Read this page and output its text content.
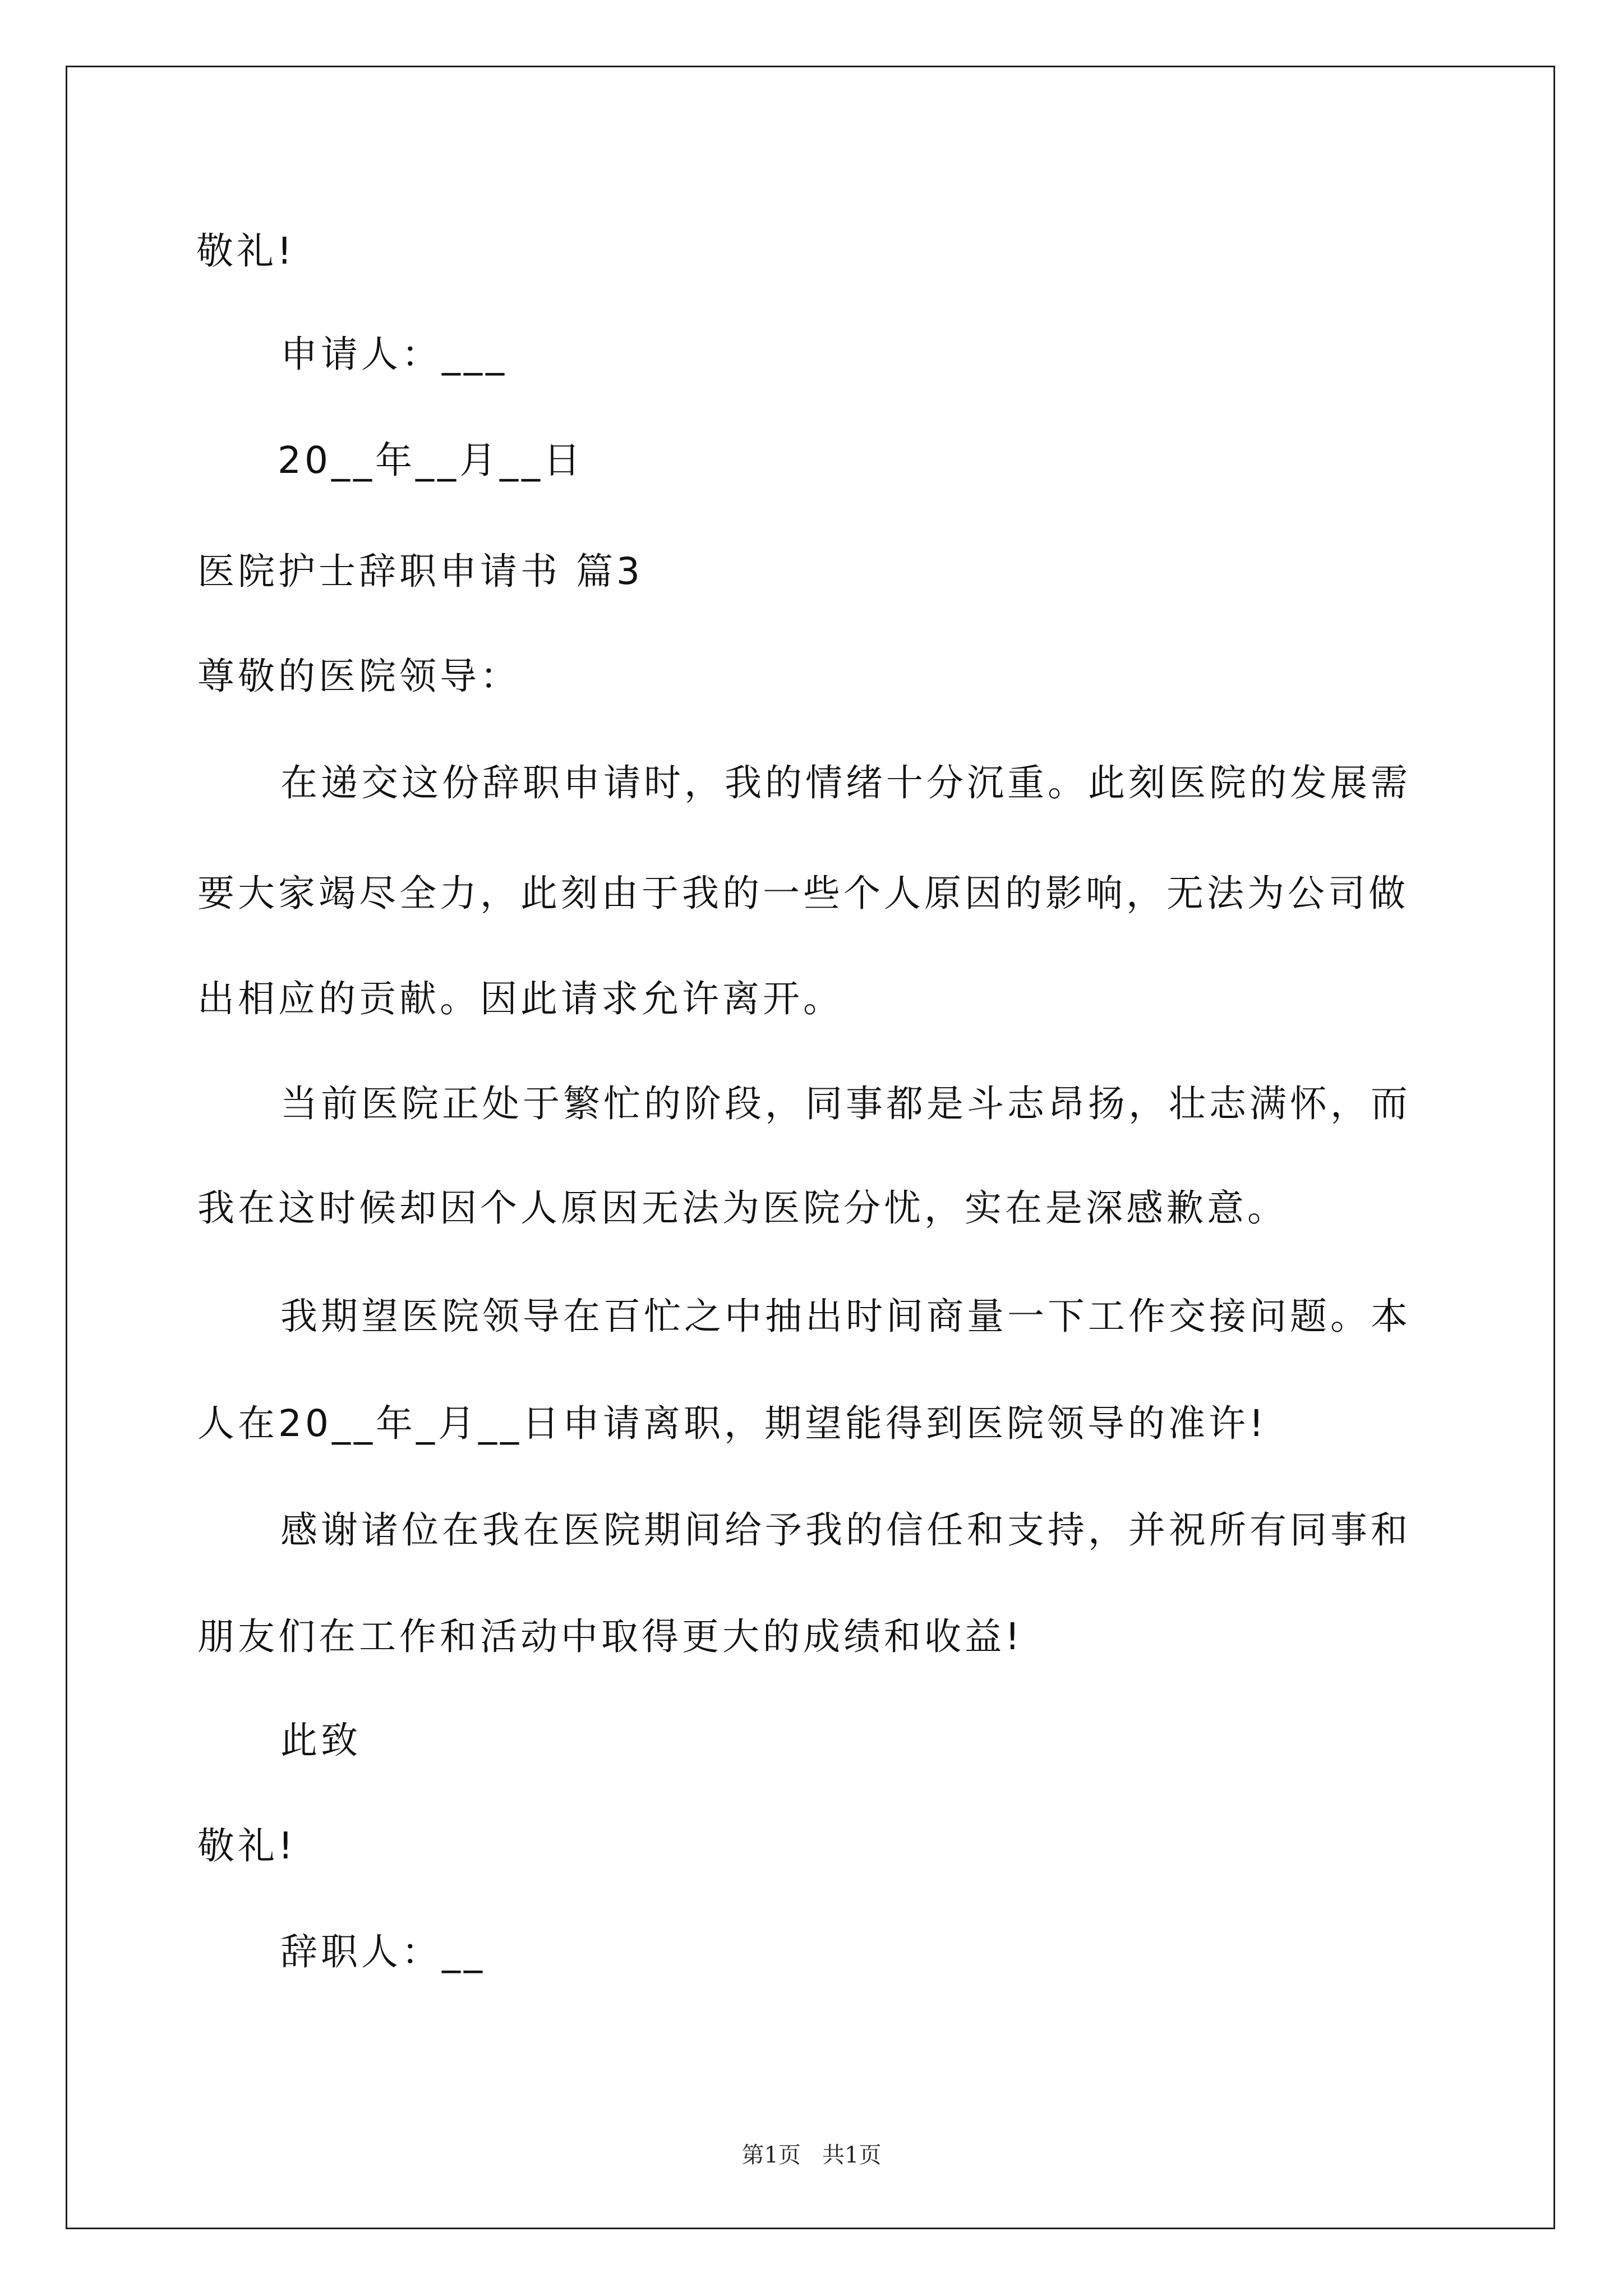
敬礼!

申请人：___

20__年__月__日

医院护士辞职申请书 篇3

尊敬的医院领导：

在递交这份辞职申请时，我的情绪十分沉重。此刻医院的发展需

要大家竭尽全力，此刻由于我的一些个人原因的影响，无法为公司做

出相应的贡献。因此请求允许离开。

当前医院正处于繁忙的阶段，同事都是斗志昂扬，壮志满怀，而

我在这时候却因个人原因无法为医院分忧，实在是深感歉意。

我期望医院领导在百忙之中抽出时间商量一下工作交接问题。本

人在20__年_月__日申请离职，期望能得到医院领导的准许!

感谢诸位在我在医院期间给予我的信任和支持，并祝所有同事和

朋友们在工作和活动中取得更大的成绩和收益!

此致

敬礼!

辞职人：__

第1页   共1页
